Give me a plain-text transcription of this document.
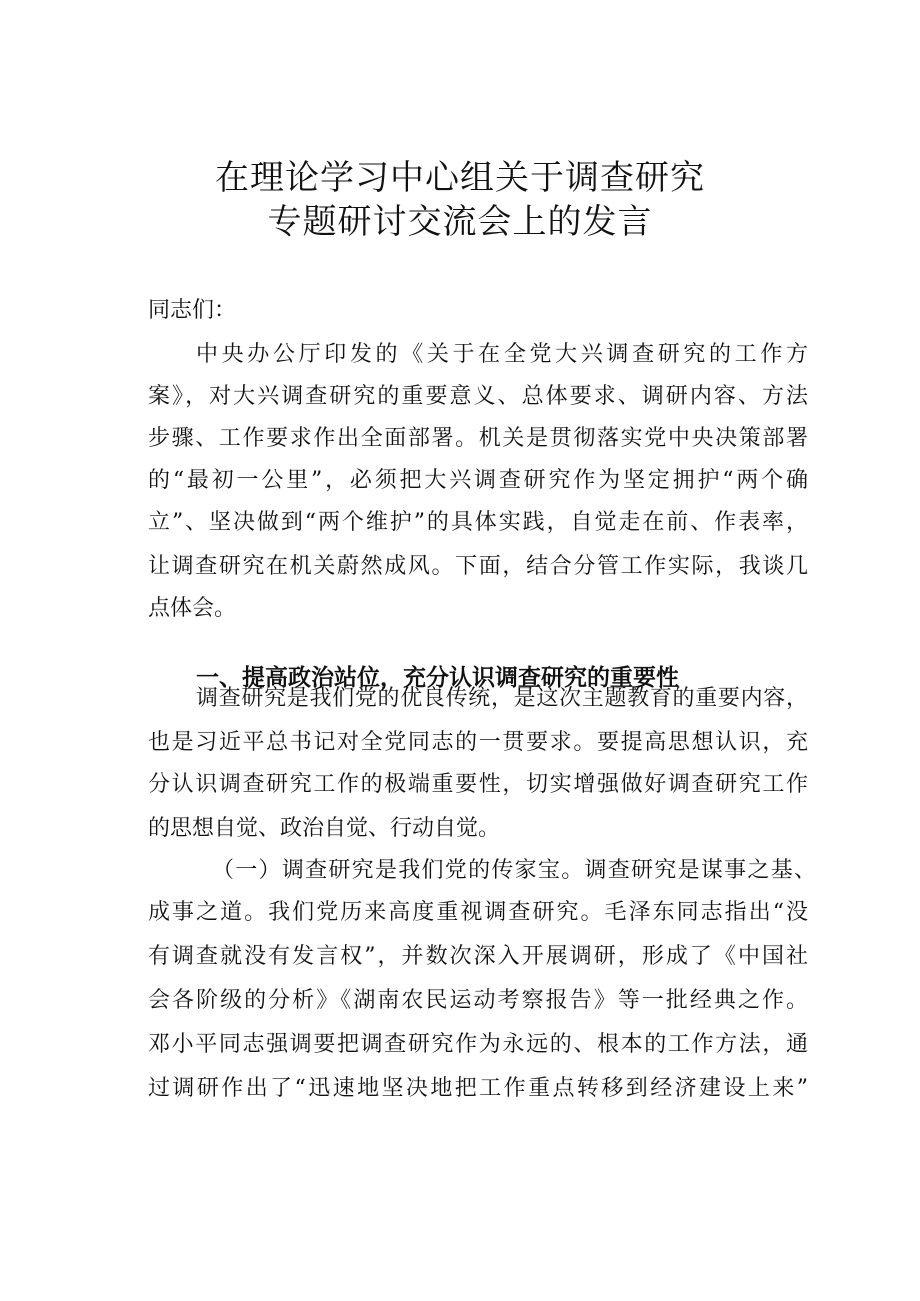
在理论学习中心组关于调查研究
专题研讨交流会上的发言

同志们：

中央办公厅印发的《关于在全党大兴调查研究的工作方

案》，对大兴调查研究的重要意义、总体要求、调研内容、方法

步骤、工作要求作出全面部署。机关是贯彻落实党中央决策部署

的“最初一公里”，必须把大兴调查研究作为坚定拥护“两个确

立”、坚决做到“两个维护”的具体实践，自觉走在前、作表率，

让调查研究在机关蔚然成风。下面，结合分管工作实际，我谈几

点体会。

一、提高政治站位，充分认识调查研究的重要性

调查研究是我们党的优良传统，是这次主题教育的重要内容，

也是习近平总书记对全党同志的一贯要求。要提高思想认识，充

分认识调查研究工作的极端重要性，切实增强做好调查研究工作

的思想自觉、政治自觉、行动自觉。

（一）调查研究是我们党的传家宝。调查研究是谋事之基、

成事之道。我们党历来高度重视调查研究。毛泽东同志指出“没

有调查就没有发言权”，并数次深入开展调研，形成了《中国社

会各阶级的分析》《湖南农民运动考察报告》等一批经典之作。

邓小平同志强调要把调查研究作为永远的、根本的工作方法，通

过调研作出了“迅速地坚决地把工作重点转移到经济建设上来”
